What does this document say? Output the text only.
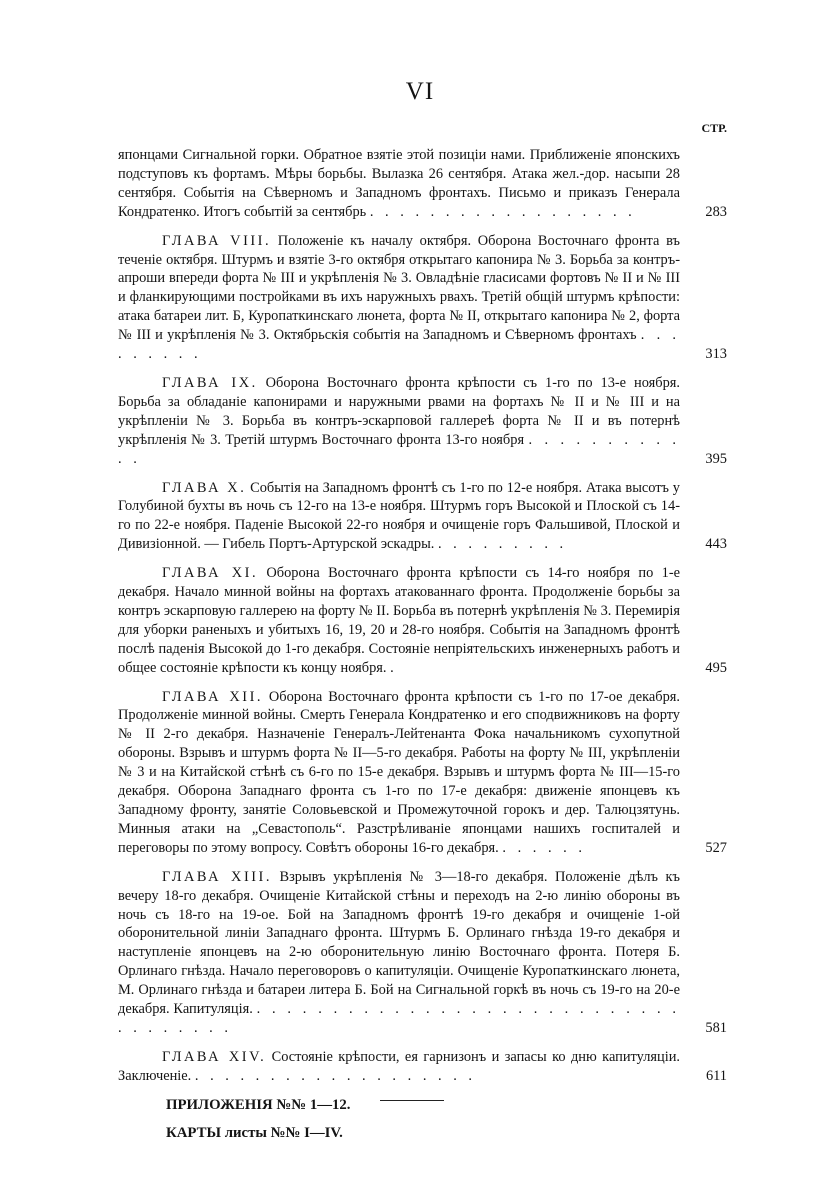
VI
СТР.
японцами Сигнальной горки. Обратное взятіе этой позиціи нами. Приближеніе японскихъ подступовъ къ фортамъ. Мѣры борьбы. Вылазка 26 сентября. Атака жел.-дор. насыпи 28 сентября. Событія на Сѣверномъ и Западномъ фронтахъ. Письмо и приказъ Генерала Кондратенко. Итогъ событій за сентябрь . . . . . . . . . . . . . . . . . .	283
ГЛАВА VIII. Положеніе къ началу октября. Оборона Восточнаго фронта въ теченіе октября. Штурмъ и взятіе 3-го октября открытаго капонира № 3. Борьба за контръ-апроши впереди форта № III и укрѣпленія № 3. Овладѣніе гласисами фортовъ № II и № III и фланкирующими постройками въ ихъ наружныхъ рвахъ. Третій общій штурмъ крѣпости: атака батареи лит. Б, Куропаткинскаго люнета, форта № II, открытаго капонира № 2, форта № III и укрѣпленія № 3. Октябрьскія событія на Западномъ и Сѣверномъ фронтахъ . . . . . . . . .	313
ГЛАВА IX. Оборона Восточнаго фронта крѣпости съ 1-го по 13-е ноября. Борьба за обладаніе капонирами и наружными рвами на фортахъ № II и № III и на укрѣпленіи № 3. Борьба въ контръ-эскарповой галлереѣ форта № II и въ потернѣ укрѣпленія № 3. Третій штурмъ Восточнаго фронта 13-го ноября . . . . . . . . . . . .	395
ГЛАВА X. Событія на Западномъ фронтѣ съ 1-го по 12-е ноября. Атака высотъ у Голубиной бухты въ ночь съ 12-го на 13-е ноября. Штурмъ горъ Высокой и Плоской съ 14-го по 22-е ноября. Паденіе Высокой 22-го ноября и очищеніе горъ Фальшивой, Плоской и Дивизіонной. — Гибель Портъ-Артурской эскадры. . . . . . . . . .	443
ГЛАВА XI. Оборона Восточнаго фронта крѣпости съ 14-го ноября по 1-е декабря. Начало минной войны на фортахъ атакованнаго фронта. Продолженіе борьбы за контръ эскарповую галлерею на форту № II. Борьба въ потернѣ укрѣпленія № 3. Перемирія для уборки раненыхъ и убитыхъ 16, 19, 20 и 28-го ноября. Событія на Западномъ фронтѣ послѣ паденія Высокой до 1-го декабря. Состояніе непріятельскихъ инженерныхъ работъ и общее состояніе крѣпости къ концу ноября. .	495
ГЛАВА XII. Оборона Восточнаго фронта крѣпости съ 1-го по 17-ое декабря. Продолженіе минной войны. Смерть Генерала Кондратенко и его сподвижниковъ на форту № II 2-го декабря. Назначеніе Генералъ-Лейтенанта Фока начальникомъ сухопутной обороны. Взрывъ и штурмъ форта № II—5-го декабря. Работы на форту № III, укрѣпленіи № 3 и на Китайской стѣнѣ съ 6-го по 15-е декабря. Взрывъ и штурмъ форта № III—15-го декабря. Оборона Западнаго фронта съ 1-го по 17-е декабря: движеніе японцевъ къ Западному фронту, занятіе Соловьевской и Промежуточной горокъ и дер. Талюцзятунь. Минныя атаки на „Севастополь“. Разстрѣливаніе японцами нашихъ госпиталей и переговоры по этому вопросу. Совѣтъ обороны 16-го декабря. . . . . . .	527
ГЛАВА XIII. Взрывъ укрѣпленія № 3—18-го декабря. Положеніе дѣлъ къ вечеру 18-го декабря. Очищеніе Китайской стѣны и переходъ на 2-ю линію обороны въ ночь съ 18-го на 19-ое. Бой на Западномъ фронтѣ 19-го декабря и очищеніе 1-ой оборонительной линіи Западнаго фронта. Штурмъ Б. Орлинаго гнѣзда 19-го декабря и наступленіе японцевъ на 2-ю оборонительную линію Восточнаго фронта. Потеря Б. Орлинаго гнѣзда. Начало переговоровъ о капитуляціи. Очищеніе Куропаткинскаго люнета, М. Орлинаго гнѣзда и батареи литера Б. Бой на Сигнальной горкѣ въ ночь съ 19-го на 20-е декабря. Капитуляція. . . . . . . . . . . . . . . . . . . . . . . . . . . . . . . . . . . . .	581
ГЛАВА XIV. Состояніе крѣпости, ея гарнизонъ и запасы ко дню капитуляціи. Заключеніе. . . . . . . . . . . . . . . . . . . .	611
ПРИЛОЖЕНІЯ №№ 1—12.
КАРТЫ листы №№ I—IV.
